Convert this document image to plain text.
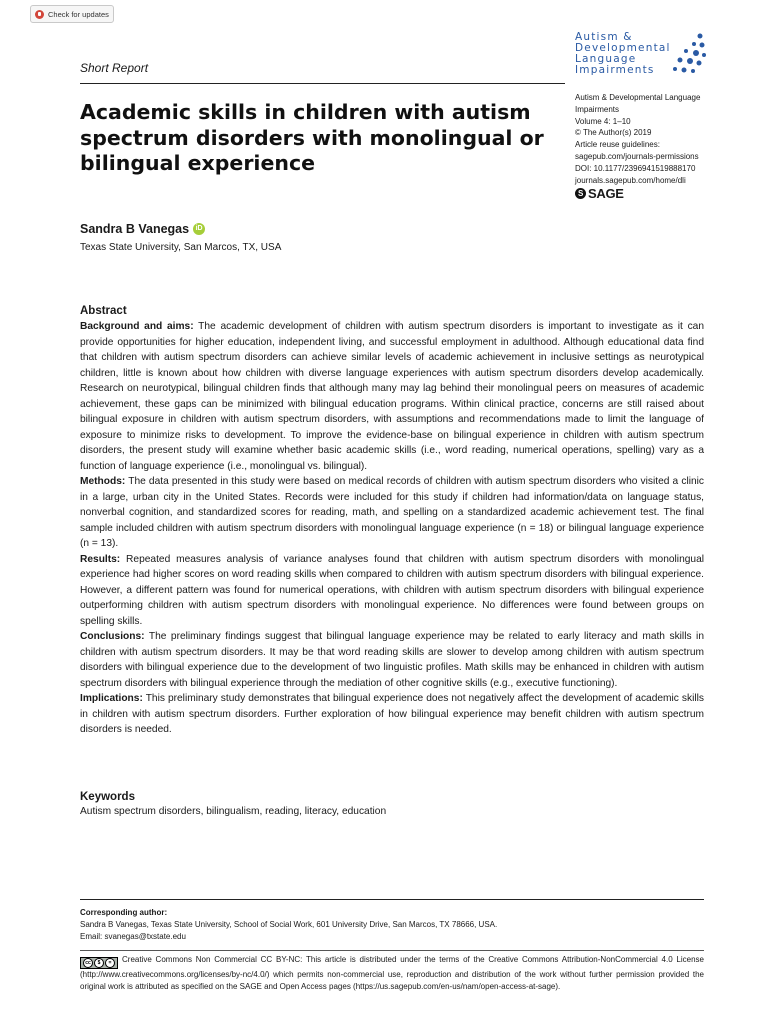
Check for updates
Short Report
Autism &
Developmental
Language
Impairments
Autism & Developmental Language
Impairments
Volume 4: 1–10
© The Author(s) 2019
Article reuse guidelines:
sagepub.com/journals-permissions
DOI: 10.1177/2396941519888170
journals.sagepub.com/home/dli
S SAGE
Academic skills in children with autism spectrum disorders with monolingual or bilingual experience
Sandra B Vanegas iD
Texas State University, San Marcos, TX, USA
Abstract

Background and aims: The academic development of children with autism spectrum disorders is important to investigate as it can provide opportunities for higher education, independent living, and successful employment in adulthood. Although educational data find that children with autism spectrum disorders can achieve similar levels of academic achievement in inclusive settings as neurotypical children, little is known about how children with diverse language experiences with autism spectrum disorders develop academically. Research on neurotypical, bilingual children finds that although many may lag behind their monolingual peers on measures of academic achievement, these gaps can be minimized with bilingual education programs. Within clinical practice, concerns are still raised about bilingual exposure in children with autism spectrum disorders, with assumptions and recommendations made to limit the language of exposure to minimize risks to development. To improve the evidence-base on bilingual experience in children with autism spectrum disorders, the present study will examine whether basic academic skills (i.e., word reading, numerical operations, spelling) vary as a function of language experience (i.e., monolingual vs. bilingual).

Methods: The data presented in this study were based on medical records of children with autism spectrum disorders who visited a clinic in a large, urban city in the United States. Records were included for this study if children had information/data on language status, nonverbal cognition, and standardized scores for reading, math, and spelling on a standardized academic achievement test. The final sample included children with autism spectrum disorders with monolingual language experience (n = 18) or bilingual language experience (n = 13).

Results: Repeated measures analysis of variance analyses found that children with autism spectrum disorders with monolingual experience had higher scores on word reading skills when compared to children with autism spectrum disorders with bilingual experience. However, a different pattern was found for numerical operations, with children with autism spectrum disorders with bilingual experience outperforming children with autism spectrum disorders with monolingual experience. No differences were found between groups on spelling skills.

Conclusions: The preliminary findings suggest that bilingual language experience may be related to early literacy and math skills in children with autism spectrum disorders. It may be that word reading skills are slower to develop among children with autism spectrum disorders with bilingual experience due to the development of two linguistic profiles. Math skills may be enhanced in children with autism spectrum disorders with bilingual experience through the mediation of other cognitive skills (e.g., executive functioning).

Implications: This preliminary study demonstrates that bilingual experience does not negatively affect the development of academic skills in children with autism spectrum disorders. Further exploration of how bilingual experience may benefit children with autism spectrum disorders is needed.

Keywords
Autism spectrum disorders, bilingualism, reading, literacy, education
Corresponding author:
Sandra B Vanegas, Texas State University, School of Social Work, 601 University Drive, San Marcos, TX 78666, USA.
Email: svanegas@txstate.edu
cc	$	=	Creative Commons Non Commercial CC BY-NC: This article is distributed under the terms of the Creative Commons Attribution-NonCommercial 4.0 License (http://www.creativecommons.org/licenses/by-nc/4.0/) which permits non-commercial use, reproduction and distribution of the work without further permission provided the original work is attributed as specified on the SAGE and Open Access pages (https://us.sagepub.com/en-us/nam/open-access-at-sage).
